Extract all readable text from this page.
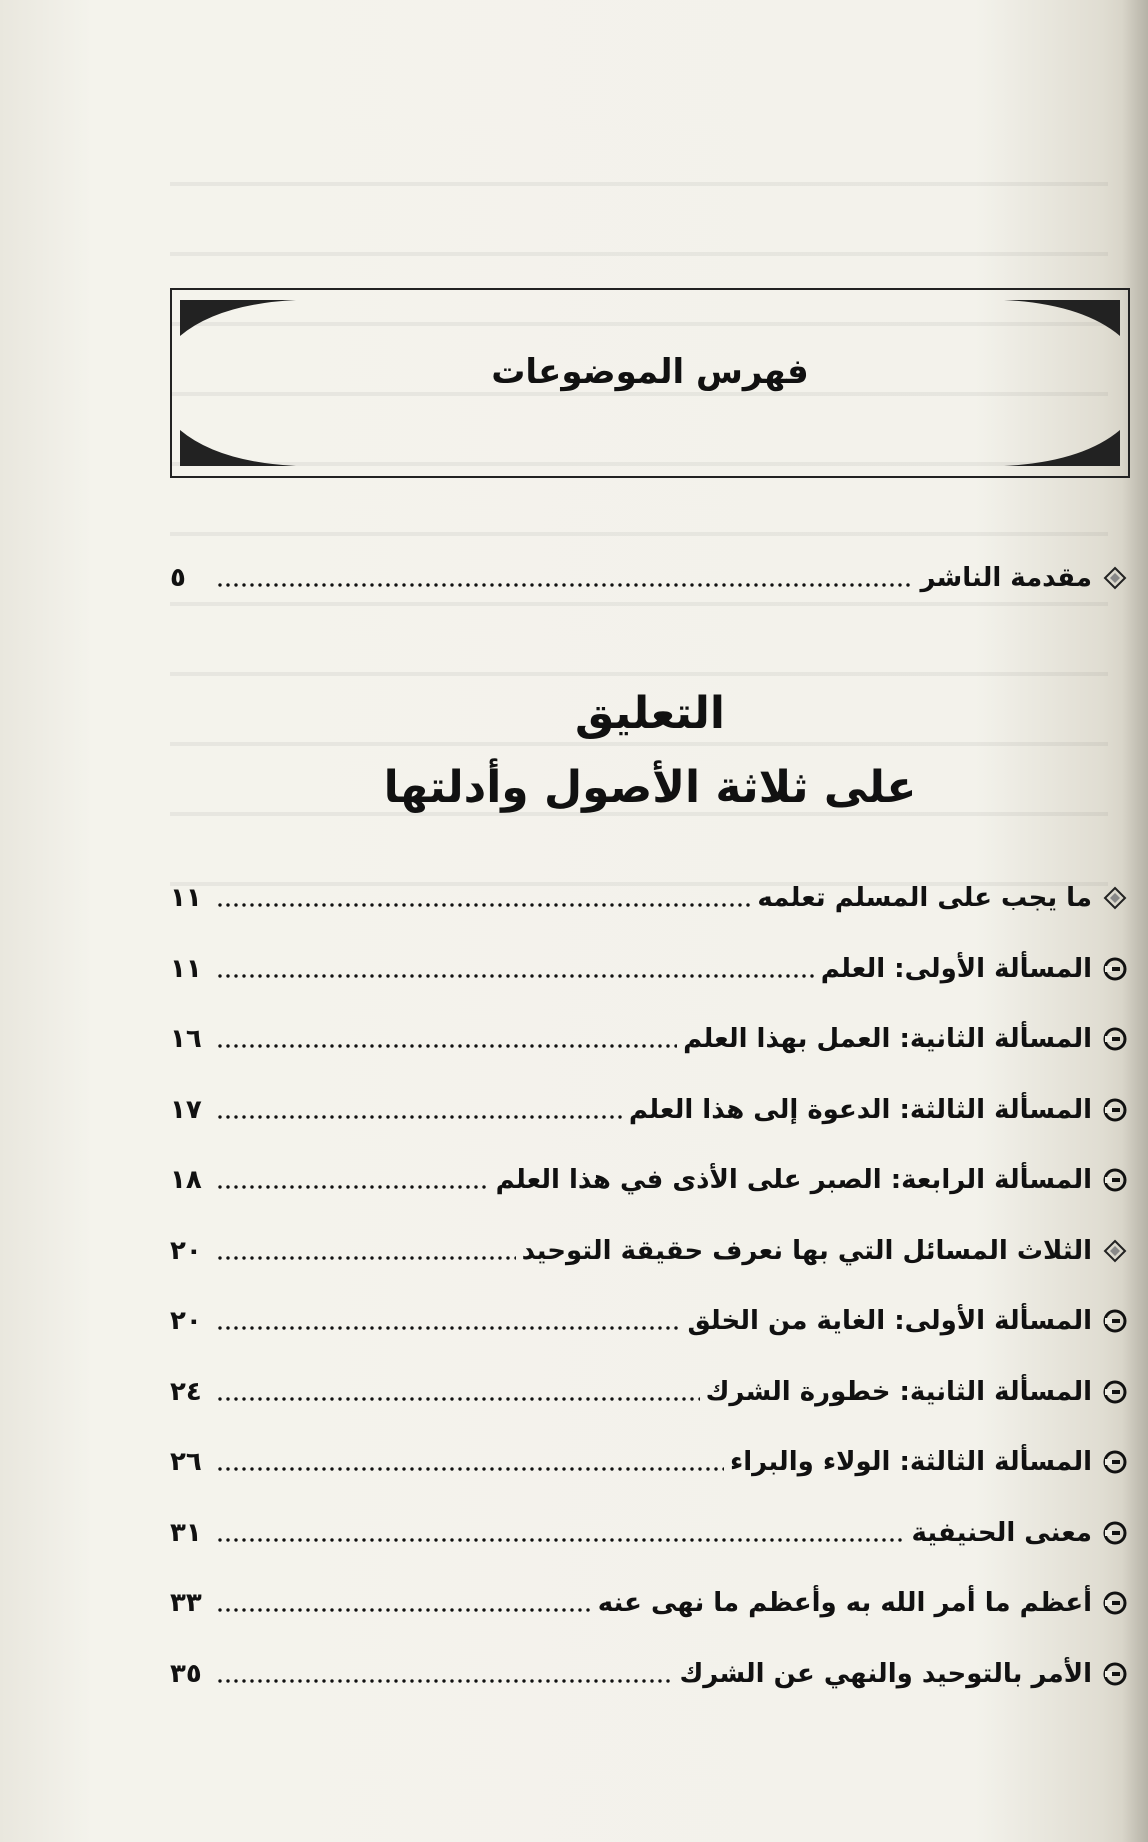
فهرس الموضوعات
مقدمة الناشر
٥
التعليق
على ثلاثة الأصول وأدلتها
ما يجب على المسلم تعلمه
١١
المسألة الأولى: العلم
١١
المسألة الثانية: العمل بهذا العلم
١٦
المسألة الثالثة: الدعوة إلى هذا العلم
١٧
المسألة الرابعة: الصبر على الأذى في هذا العلم
١٨
الثلاث المسائل التي بها نعرف حقيقة التوحيد
٢٠
المسألة الأولى: الغاية من الخلق
٢٠
المسألة الثانية: خطورة الشرك
٢٤
المسألة الثالثة: الولاء والبراء
٢٦
معنى الحنيفية
٣١
أعظم ما أمر الله به وأعظم ما نهى عنه
٣٣
الأمر بالتوحيد والنهي عن الشرك
٣٥
